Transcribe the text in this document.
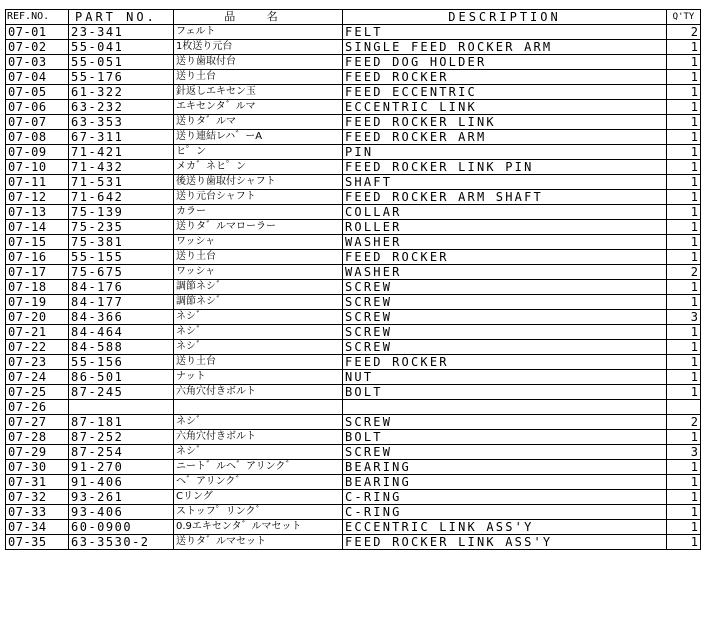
REF.NO.	PART NO.	品 名	DESCRIPTION	Q'TY
07-01	23-341	フェルト	FELT	2
07-02	55-041	1枚送り元台	SINGLE FEED ROCKER ARM	1
07-03	55-051	送り歯取付台	FEED DOG HOLDER	1
07-04	55-176	送り土台	FEED ROCKER	1
07-05	61-322	針返しエキセン玉	FEED ECCENTRIC	1
07-06	63-232	エキセンタ゛ルマ	ECCENTRIC LINK	1
07-07	63-353	送りタ゛ルマ	FEED ROCKER LINK	1
07-08	67-311	送り連結レハ゛ーA	FEED ROCKER ARM	1
07-09	71-421	ヒ゜ン	PIN	1
07-10	71-432	メカ゛ネヒ゜ン	FEED ROCKER LINK PIN	1
07-11	71-531	後送り歯取付シャフト	SHAFT	1
07-12	71-642	送り元台シャフト	FEED ROCKER ARM SHAFT	1
07-13	75-139	カラー	COLLAR	1
07-14	75-235	送りタ゛ルマローラー	ROLLER	1
07-15	75-381	ワッシャ	WASHER	1
07-16	55-155	送り土台	FEED ROCKER	1
07-17	75-675	ワッシャ	WASHER	2
07-18	84-176	調節ネシ゛	SCREW	1
07-19	84-177	調節ネシ゛	SCREW	1
07-20	84-366	ネシ゛	SCREW	3
07-21	84-464	ネシ゛	SCREW	1
07-22	84-588	ネシ゛	SCREW	1
07-23	55-156	送り土台	FEED ROCKER	1
07-24	86-501	ナット	NUT	1
07-25	87-245	六角穴付きボルト	BOLT	1
07-26				
07-27	87-181	ネシ゛	SCREW	2
07-28	87-252	六角穴付きボルト	BOLT	1
07-29	87-254	ネシ゛	SCREW	3
07-30	91-270	ニート゛ルヘ゛アリンク゛	BEARING	1
07-31	91-406	ヘ゛アリンク゛	BEARING	1
07-32	93-261	Cリング	C-RING	1
07-33	93-406	ストッフ゜リンク゛	C-RING	1
07-34	60-0900	0.9エキセンタ゛ルマセット	ECCENTRIC LINK ASS'Y	1
07-35	63-3530-2	送りタ゛ルマセット	FEED ROCKER LINK ASS'Y	1
